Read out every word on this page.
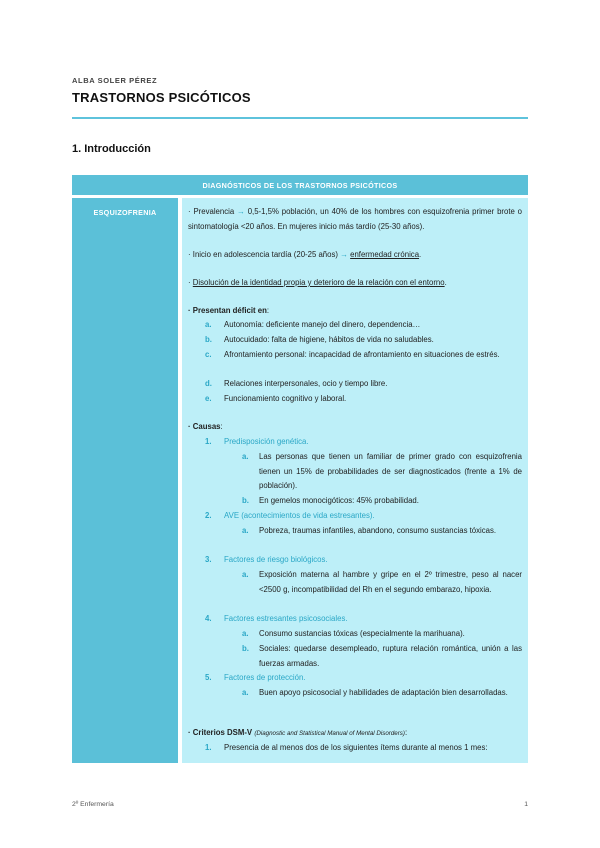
ALBA SOLER PÉREZ
TRASTORNOS PSICÓTICOS
1. Introducción
DIAGNÓSTICOS DE LOS TRASTORNOS PSICÓTICOS
ESQUIZOFRENIA	· Prevalencia → 0,5-1,5% población, un 40% de los hombres con esquizofrenia primer brote o sintomatología <20 años. En mujeres inicio más tardío (25-30 años).
· Inicio en adolescencia tardía (20-25 años) → enfermedad crónica.
· Disolución de la identidad propia y deterioro de la relación con el entorno.
· Presentan déficit en:
a. Autonomía: deficiente manejo del dinero, dependencia…
b. Autocuidado: falta de higiene, hábitos de vida no saludables.
c. Afrontamiento personal: incapacidad de afrontamiento en situaciones de estrés.
d. Relaciones interpersonales, ocio y tiempo libre.
e. Funcionamiento cognitivo y laboral.
· Causas:
1. Predisposición genética.
a. Las personas que tienen un familiar de primer grado con esquizofrenia tienen un 15% de probabilidades de ser diagnosticados (frente a 1% de población).
b. En gemelos monocigóticos: 45% probabilidad.
2. AVE (acontecimientos de vida estresantes).
a. Pobreza, traumas infantiles, abandono, consumo sustancias tóxicas.
3. Factores de riesgo biológicos.
a. Exposición materna al hambre y gripe en el 2º trimestre, peso al nacer <2500 g, incompatibilidad del Rh en el segundo embarazo, hipoxia.
4. Factores estresantes psicosociales.
a. Consumo sustancias tóxicas (especialmente la marihuana).
b. Sociales: quedarse desempleado, ruptura relación romántica, unión a las fuerzas armadas.
5. Factores de protección.
a. Buen apoyo psicosocial y habilidades de adaptación bien desarrolladas.
· Criterios DSM-V (Diagnostic and Statistical Manual of Mental Disorders):
1. Presencia de al menos dos de los siguientes ítems durante al menos 1 mes:
2º Enfermería	1
